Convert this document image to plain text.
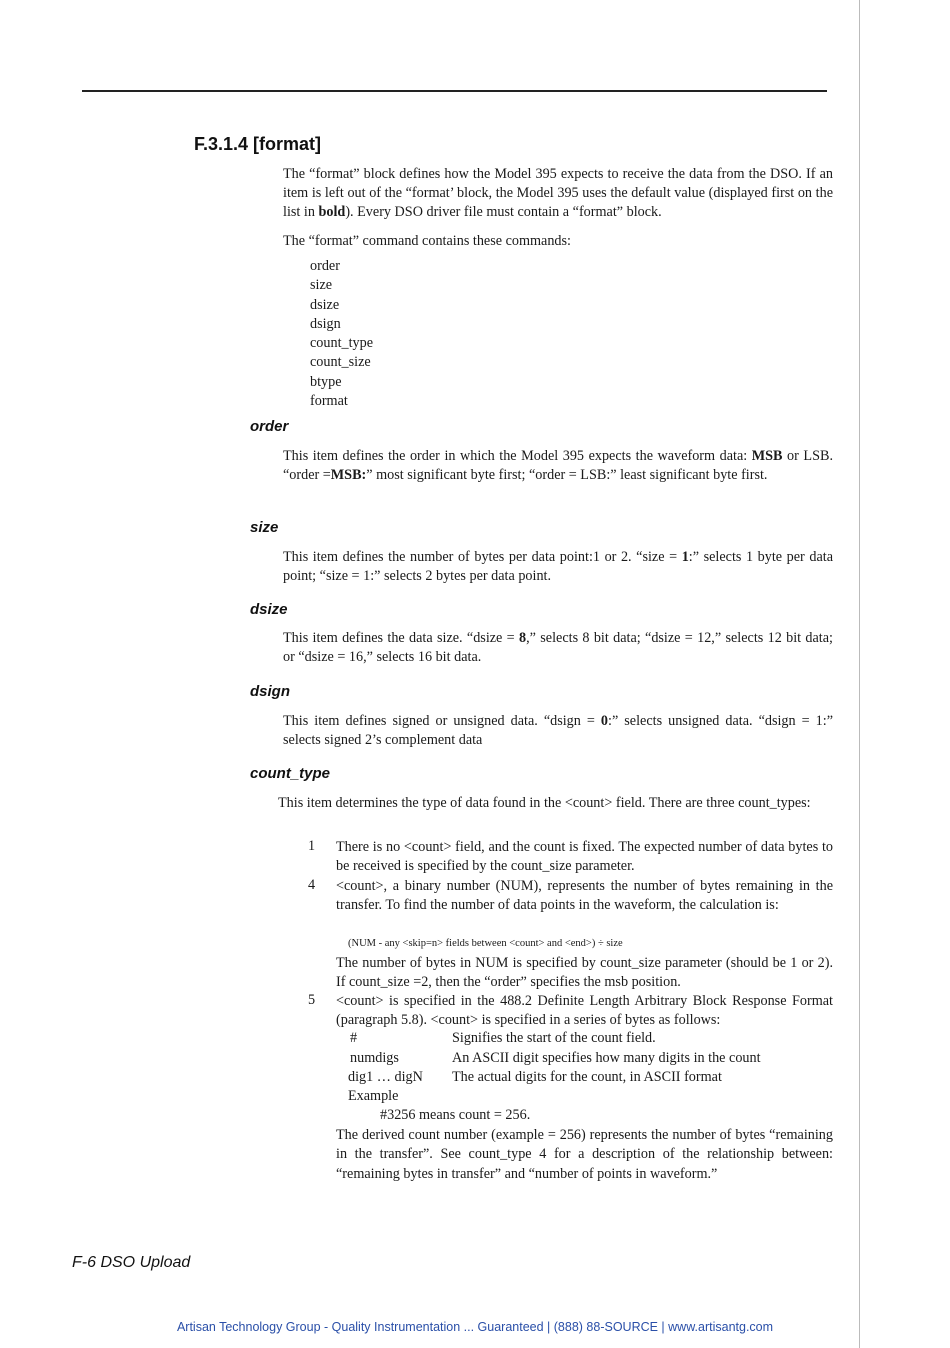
F.3.1.4 [format]

The “format” block defines how the Model 395 expects to receive the data from the DSO. If an item is left out of the “format’ block, the Model 395 uses the default value (displayed first on the list in bold). Every DSO driver file must contain a “format” block.

The “format” command contains these commands:

order
size
dsize
dsign
count_type
count_size
btype
format
order

This item defines the order in which the Model 395 expects the waveform data: MSB or LSB. “order =MSB:” most significant byte first; “order = LSB:” least significant byte first.

size

This item defines the number of bytes per data point:1 or 2. “size = 1:” selects 1 byte per data point; “size = 1:” selects 2 bytes per data point.

dsize

This item defines the data size. “dsize = 8,” selects 8 bit data; “dsize = 12,” selects 12 bit data; or “dsize = 16,” selects 16 bit data.

dsign

This item defines signed or unsigned data. “dsign = 0:” selects unsigned data. “dsign = 1:” selects signed 2’s complement data

count_type

This item determines the type of data found in the <count> field. There are three count_types:

1 There is no <count> field, and the count is fixed. The expected number of data bytes to be received is specified by the count_size parameter.

4 <count>, a binary number (NUM), represents the number of bytes remaining in the transfer. To find the number of data points in the waveform, the calculation is:

(NUM - any <skip=n> fields between <count> and <end>) ÷ size

The number of bytes in NUM is specified by count_size parameter (should be 1 or 2). If count_size =2, then the “order” specifies the msb position.

5 <count> is specified in the 488.2 Definite Length Arbitrary Block Response Format (paragraph 5.8). <count> is specified in a series of bytes as follows:

#	Signifies the start of the count field.
numdigs	An ASCII digit specifies how many digits in the count
dig1 … digN The actual digits for the count, in ASCII format
Example
#3256 means count = 256.

The derived count number (example = 256) represents the number of bytes “remaining in the transfer”. See count_type 4 for a description of the relationship between: “remaining bytes in transfer” and “number of points in waveform.”

F-6 DSO Upload
Artisan Technology Group - Quality Instrumentation ... Guaranteed | (888) 88-SOURCE | www.artisantg.com
